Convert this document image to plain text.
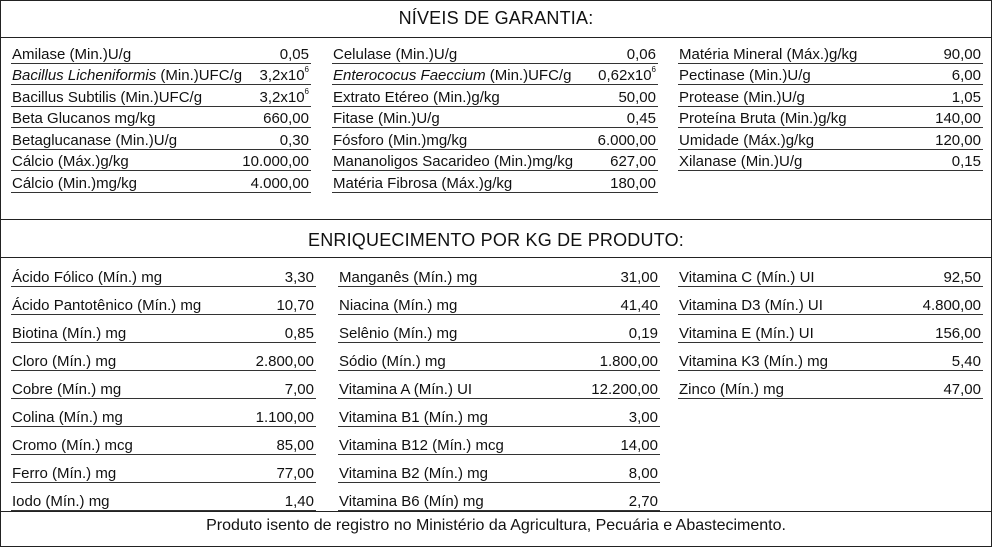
NÍVEIS DE GARANTIA:
Amilase (Min.)U/g	0,05
Bacillus Licheniformis (Min.)UFC/g $3,2x10^6$
Bacillus Subtilis (Min.)UFC/g	$3,2x10^6$
Beta Glucanos mg/kg	660,00
Betaglucanase (Min.)U/g	0,30
Cálcio (Máx.)g/kg	10.000,00
Cálcio (Min.)mg/kg	4.000,00
Celulase (Min.)U/g	0,06
Enterococus Faeccium (Min.)UFC/g $0,62x10^6$
Extrato Etéreo (Min.)g/kg	50,00
Fitase (Min.)U/g	0,45
Fósforo (Min.)mg/kg	6.000,00
Mananoligos Sacarideo (Min.)mg/kg 627,00
Matéria Fibrosa (Máx.)g/kg	180,00
Matéria Mineral (Máx.)g/kg	90,00
Pectinase (Min.)U/g	6,00
Protease (Min.)U/g	1,05
Proteína Bruta (Min.)g/kg	140,00
Umidade (Máx.)g/kg	120,00
Xilanase (Min.)U/g	0,15
ENRIQUECIMENTO POR KG DE PRODUTO:
Ácido Fólico (Mín.) mg	3,30
Ácido Pantotênico (Mín.) mg	10,70
Biotina (Mín.) mg	0,85
Cloro (Mín.) mg	2.800,00
Cobre (Mín.) mg	7,00
Colina (Mín.) mg	1.100,00
Cromo (Mín.) mcg	85,00
Ferro (Mín.) mg	77,00
Iodo (Mín.) mg	1,40
Manganês (Mín.) mg	31,00
Niacina (Mín.) mg	41,40
Selênio (Mín.) mg	0,19
Sódio (Mín.) mg	1.800,00
Vitamina A (Mín.) UI	12.200,00
Vitamina B1 (Mín.) mg	3,00
Vitamina B12 (Mín.) mcg	14,00
Vitamina B2 (Mín.) mg	8,00
Vitamina B6 (Mín) mg	2,70
Vitamina C (Mín.) UI	92,50
Vitamina D3 (Mín.) UI	4.800,00
Vitamina E (Mín.) UI	156,00
Vitamina K3 (Mín.) mg	5,40
Zinco (Mín.) mg	47,00
Produto isento de registro no Ministério da Agricultura, Pecuária e Abastecimento.
